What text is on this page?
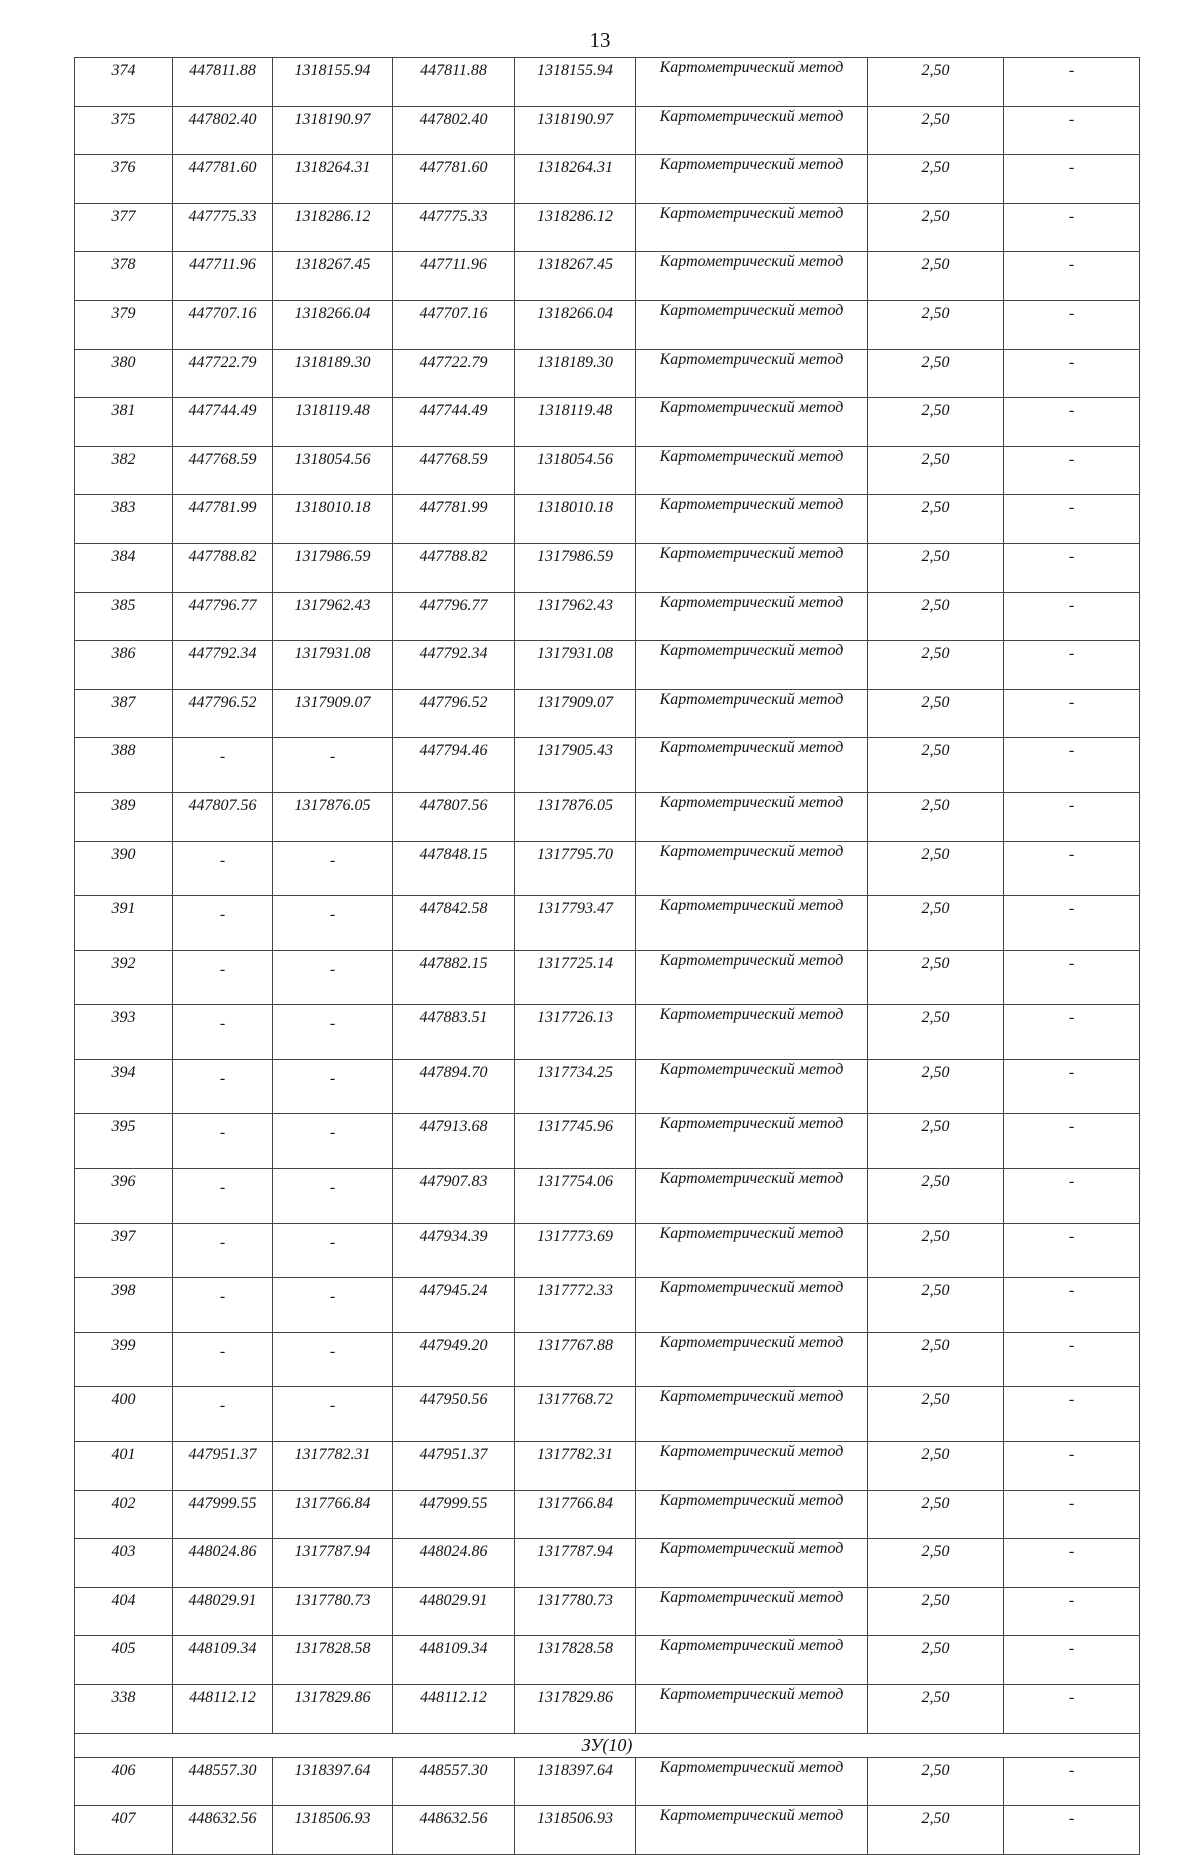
13
374	447811.88	1318155.94	447811.88	1318155.94	Картометрический метод	2,50	-
375	447802.40	1318190.97	447802.40	1318190.97	Картометрический метод	2,50	-
376	447781.60	1318264.31	447781.60	1318264.31	Картометрический метод	2,50	-
377	447775.33	1318286.12	447775.33	1318286.12	Картометрический метод	2,50	-
378	447711.96	1318267.45	447711.96	1318267.45	Картометрический метод	2,50	-
379	447707.16	1318266.04	447707.16	1318266.04	Картометрический метод	2,50	-
380	447722.79	1318189.30	447722.79	1318189.30	Картометрический метод	2,50	-
381	447744.49	1318119.48	447744.49	1318119.48	Картометрический метод	2,50	-
382	447768.59	1318054.56	447768.59	1318054.56	Картометрический метод	2,50	-
383	447781.99	1318010.18	447781.99	1318010.18	Картометрический метод	2,50	-
384	447788.82	1317986.59	447788.82	1317986.59	Картометрический метод	2,50	-
385	447796.77	1317962.43	447796.77	1317962.43	Картометрический метод	2,50	-
386	447792.34	1317931.08	447792.34	1317931.08	Картометрический метод	2,50	-
387	447796.52	1317909.07	447796.52	1317909.07	Картометрический метод	2,50	-
388	-	-	447794.46	1317905.43	Картометрический метод	2,50	-
389	447807.56	1317876.05	447807.56	1317876.05	Картометрический метод	2,50	-
390	-	-	447848.15	1317795.70	Картометрический метод	2,50	-
391	-	-	447842.58	1317793.47	Картометрический метод	2,50	-
392	-	-	447882.15	1317725.14	Картометрический метод	2,50	-
393	-	-	447883.51	1317726.13	Картометрический метод	2,50	-
394	-	-	447894.70	1317734.25	Картометрический метод	2,50	-
395	-	-	447913.68	1317745.96	Картометрический метод	2,50	-
396	-	-	447907.83	1317754.06	Картометрический метод	2,50	-
397	-	-	447934.39	1317773.69	Картометрический метод	2,50	-
398	-	-	447945.24	1317772.33	Картометрический метод	2,50	-
399	-	-	447949.20	1317767.88	Картометрический метод	2,50	-
400	-	-	447950.56	1317768.72	Картометрический метод	2,50	-
401	447951.37	1317782.31	447951.37	1317782.31	Картометрический метод	2,50	-
402	447999.55	1317766.84	447999.55	1317766.84	Картометрический метод	2,50	-
403	448024.86	1317787.94	448024.86	1317787.94	Картометрический метод	2,50	-
404	448029.91	1317780.73	448029.91	1317780.73	Картометрический метод	2,50	-
405	448109.34	1317828.58	448109.34	1317828.58	Картометрический метод	2,50	-
338	448112.12	1317829.86	448112.12	1317829.86	Картометрический метод	2,50	-
ЗУ(10)							
406	448557.30	1318397.64	448557.30	1318397.64	Картометрический метод	2,50	-
407	448632.56	1318506.93	448632.56	1318506.93	Картометрический метод	2,50	-
